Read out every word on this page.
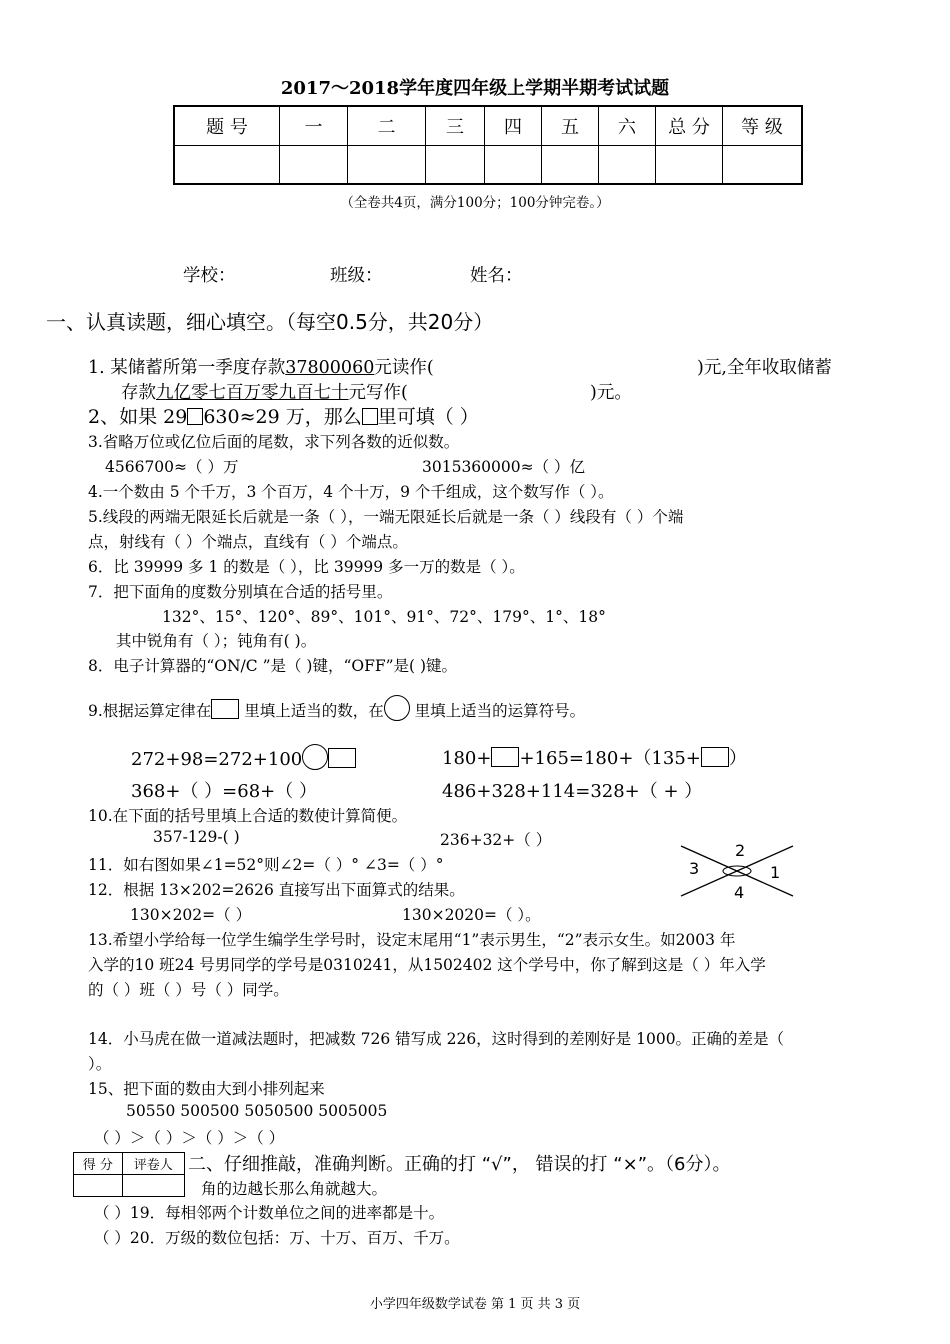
2017～2018学年度四年级上学期半期考试试题
题 号	一	二	三	四	五	六	总 分	等 级

（全卷共4页，满分100分；100分钟完卷。）
学校：	班级：	姓名：
一、认真读题，细心填空。（每空0.5分，共20分）
1. 某储蓄所第一季度存款37800060元读作(	)元,全年收取储蓄
存款九亿零七百万零九百七十元写作(	)元。
2、如果 29 630≈29 万，那么 里可填（ ）
3.省略万位或亿位后面的尾数，求下列各数的近似数。
4566700≈（ ）万	3015360000≈（ ）亿
4.一个数由 5 个千万，3 个百万，4 个十万，9 个千组成，这个数写作（ ）。
5.线段的两端无限延长后就是一条（ ），一端无限延长后就是一条（ ）线段有（ ）个端
点，射线有（ ）个端点，直线有（ ）个端点。
6．比 39999 多 1 的数是（ ），比 39999 多一万的数是（ ）。
7．把下面角的度数分别填在合适的括号里。
132°、15°、120°、89°、101°、91°、72°、179°、1°、18°
其中锐角有（ ）；钝角有( )。
8．电子计算器的“ON/C ”是（ )键，“OFF”是( )键。
9.根据运算定律在 里填上适当的数，在 里填上适当的运算符号。
272+98=272+100	180+ +165=180+（135+ ）
368+（ ）=68+（ ）	486+328+114=328+（ + ）
10.在下面的括号里填上合适的数使计算简便。
357-129-( )	236+32+（ ）
11．如右图如果∠1=52°则∠2=（ ）° ∠3=（ ）°	1
2
3
4
12．根据 13×202=2626 直接写出下面算式的结果。
130×202=（ ）	130×2020=（ ）。
13.希望小学给每一位学生编学生学号时，设定末尾用“1”表示男生，“2”表示女生。如2003 年
入学的10 班24 号男同学的学号是0310241，从1502402 这个学号中，你了解到这是（ ）年入学
的（ ）班（ ）号（ ）同学。
14．小马虎在做一道减法题时，把减数 726 错写成 226，这时得到的差刚好是 1000。正确的差是（
）。
15、把下面的数由大到小排列起来
50550 500500 5050500 5005005
（ ）＞（ ）＞（ ）＞（ ）
得 分	评卷人
	二、仔细推敲，准确判断。正确的打 “√”， 错误的打 “×”。（6分）。
角的边越长那么角就越大。
（ ）19．每相邻两个计数单位之间的进率都是十。
（ ）20．万级的数位包括：万、十万、百万、千万。
小学四年级数学试卷 第 1 页 共 3 页
